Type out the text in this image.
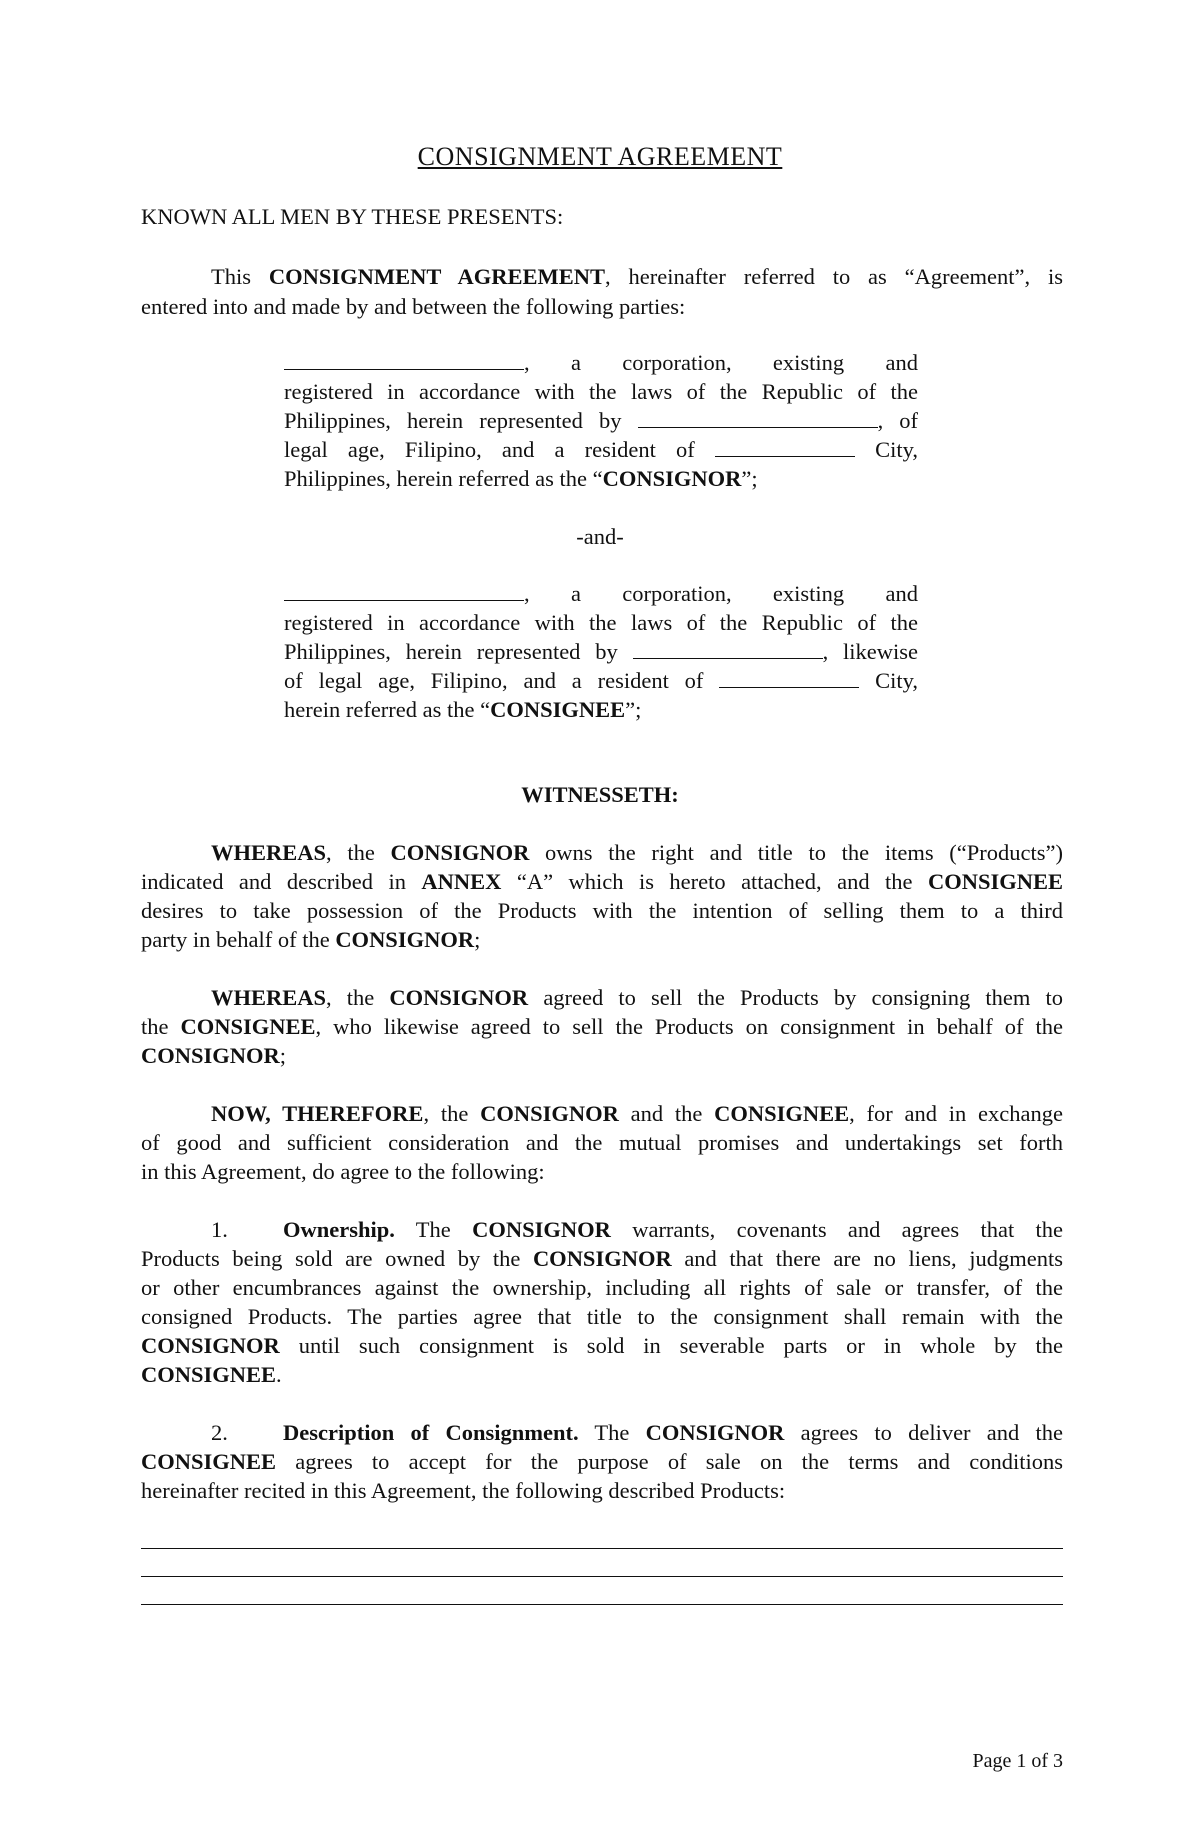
CONSIGNMENT AGREEMENT
KNOWN ALL MEN BY THESE PRESENTS:
This CONSIGNMENT AGREEMENT, hereinafter referred to as “Agreement”, is
entered into and made by and between the following parties:
, a corporation, existing and
registered in accordance with the laws of the Republic of the
Philippines, herein represented by	, of
legal age, Filipino, and a resident of	City,
Philippines, herein referred as the “CONSIGNOR”;
-and-
, a corporation, existing and
registered in accordance with the laws of the Republic of the
Philippines, herein represented by	, likewise
of legal age, Filipino, and a resident of	City,
herein referred as the “CONSIGNEE”;
WITNESSETH:
WHEREAS, the CONSIGNOR owns the right and title to the items (“Products”)
indicated and described in ANNEX “A” which is hereto attached, and the CONSIGNEE
desires to take possession of the Products with the intention of selling them to a third
party in behalf of the CONSIGNOR;
WHEREAS, the CONSIGNOR agreed to sell the Products by consigning them to
the CONSIGNEE, who likewise agreed to sell the Products on consignment in behalf of the
CONSIGNOR;
NOW, THEREFORE, the CONSIGNOR and the CONSIGNEE, for and in exchange
of good and sufficient consideration and the mutual promises and undertakings set forth
in this Agreement, do agree to the following:
1. Ownership. The CONSIGNOR warrants, covenants and agrees that the
Products being sold are owned by the CONSIGNOR and that there are no liens, judgments
or other encumbrances against the ownership, including all rights of sale or transfer, of the
consigned Products. The parties agree that title to the consignment shall remain with the
CONSIGNOR until such consignment is sold in severable parts or in whole by the
CONSIGNEE.
2. Description of Consignment. The CONSIGNOR agrees to deliver and the
CONSIGNEE agrees to accept for the purpose of sale on the terms and conditions
hereinafter recited in this Agreement, the following described Products:
Page 1 of 3
